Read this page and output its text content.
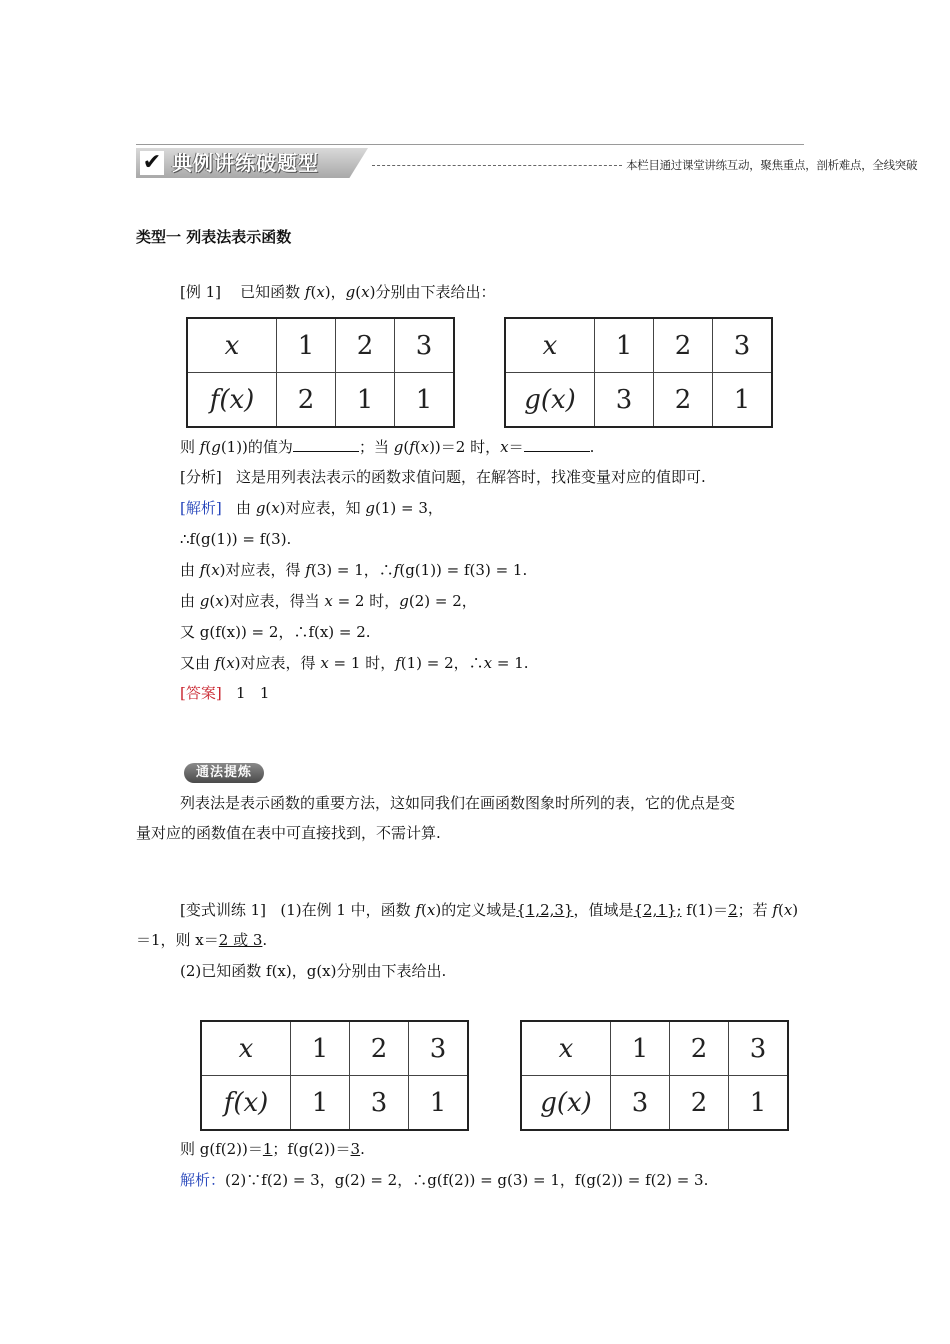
✔ 典例讲练破题型	本栏目通过课堂讲练互动，聚焦重点，剖析难点，全线突破
类型一 列表法表示函数
[例 1] 已知函数 f(x)，g(x)分别由下表给出：
x	1	2	3
f(x)	2	1	1
x	1	2	3
g(x)	3	2	1
则 f(g(1))的值为	；当 g(f(x))＝2 时，x＝	.
[分析] 这是用列表法表示的函数求值问题，在解答时，找准变量对应的值即可.
[解析] 由 g(x)对应表，知 g(1) = 3，
∴f(g(1)) = f(3).
由 f(x)对应表，得 f(3) = 1，∴f(g(1)) = f(3) = 1.
由 g(x)对应表，得当 x = 2 时，g(2) = 2，
又 g(f(x)) = 2，∴f(x) = 2.
又由 f(x)对应表，得 x = 1 时，f(1) = 2，∴x = 1.
[答案] 1   1
通法提炼
列表法是表示函数的重要方法，这如同我们在画函数图象时所列的表，它的优点是变
量对应的函数值在表中可直接找到，不需计算.
[变式训练 1] (1)在例 1 中，函数 f(x)的定义域是{1,2,3}，值域是{2,1}; f(1)＝2；若 f(x)
＝1，则 x＝2 或 3.
(2)已知函数 f(x)，g(x)分别由下表给出.
x	1	2	3
f(x)	1	3	1
x	1	2	3
g(x)	3	2	1
则 g(f(2))＝1；f(g(2))＝3.
解析：(2)∵f(2) = 3，g(2) = 2，∴g(f(2)) = g(3) = 1，f(g(2)) = f(2) = 3.
